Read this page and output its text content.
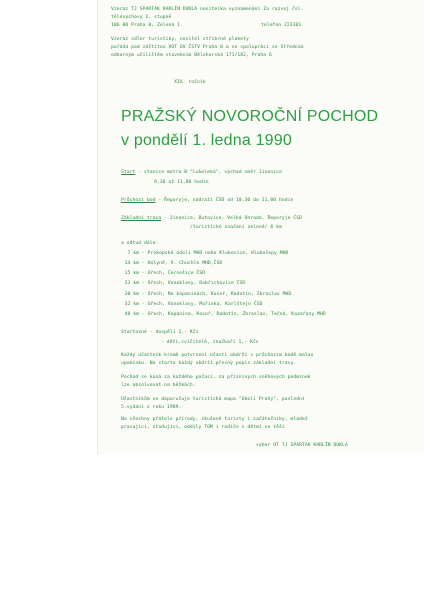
Vzeraz TJ SPARTAK KARLÍN DUKLA nositelka vyznamenání Za rozvoj čsl.
tělovýchovy I. stupně
186 00 Praha 8, Zelená 1	telefon 223101
Vzeraz sdler turistiky, nositel stříbrné plakety
pořádá pod záštitou VOT OV ČSTV Praha 8 a ve spolupráci se Středním
odborným učilištěm stavebním Bělohorská 171/182, Praha 6
XIX. ročník
PRAŽSKÝ NOVOROČNÍ POCHOD
v pondělí 1. ledna 1990
Start - stanice metra B "Lukeleká", východ směr Jinonice
9,30 až 11,00 hodin
Průchozí bod - Řeporyje, nádraží ČSD od 10,30 do 11,00 hodin
Základní trasa - Jinonice, Butovice, Velká Ohrada, Řeporyje ČSD
/turistické značení zelené/ 6 km
a odtud dále:
7 km - Prokopské údolí MHD nebo Klukovice, Hlubočepy MHD
14 km - Holyně, V. Chuchle MHD,ČSD
15 km - Ořech, Černošice ČSD
23 km - Ořech, Vonoklasy, Dobřichovice ČSD
30 km - Ořech, Na kopaninách, Kosoř, Radotín, Zbraslav MHD
32 km - Ořech, Vonoklasy, Mořinka, Karlštejn ČSD
40 km - Ořech, Kopanina, Kosoř, Radotín, Zbraslav, Tečná, Kazeřany MHD
Startovné - dospělí 2,- Kčs
- děti,cvičitelé, značkaři 1,- Kčs
Každý účastník kromě potvrzení účasti obdrží v průchozím bodě malou
upomínku. Na startu každý obdrží přesný popis základní trasy.
Pochod se koná za každého počasí, za příznivých sněhových podmínek
lze absolvovat na běžkách.
Účastníkům se doporučuje turistická mapa "Okolí Prahy", poslední
5.vydání z roku 1989.
Na všechny přátele přírody, zkušené turisty i začátečníky, mládež
pracující, studující, oddíly TOM i rodiče s dětmi se těší
výbor OT TJ SPARTAK KARLÍN DUKLA
